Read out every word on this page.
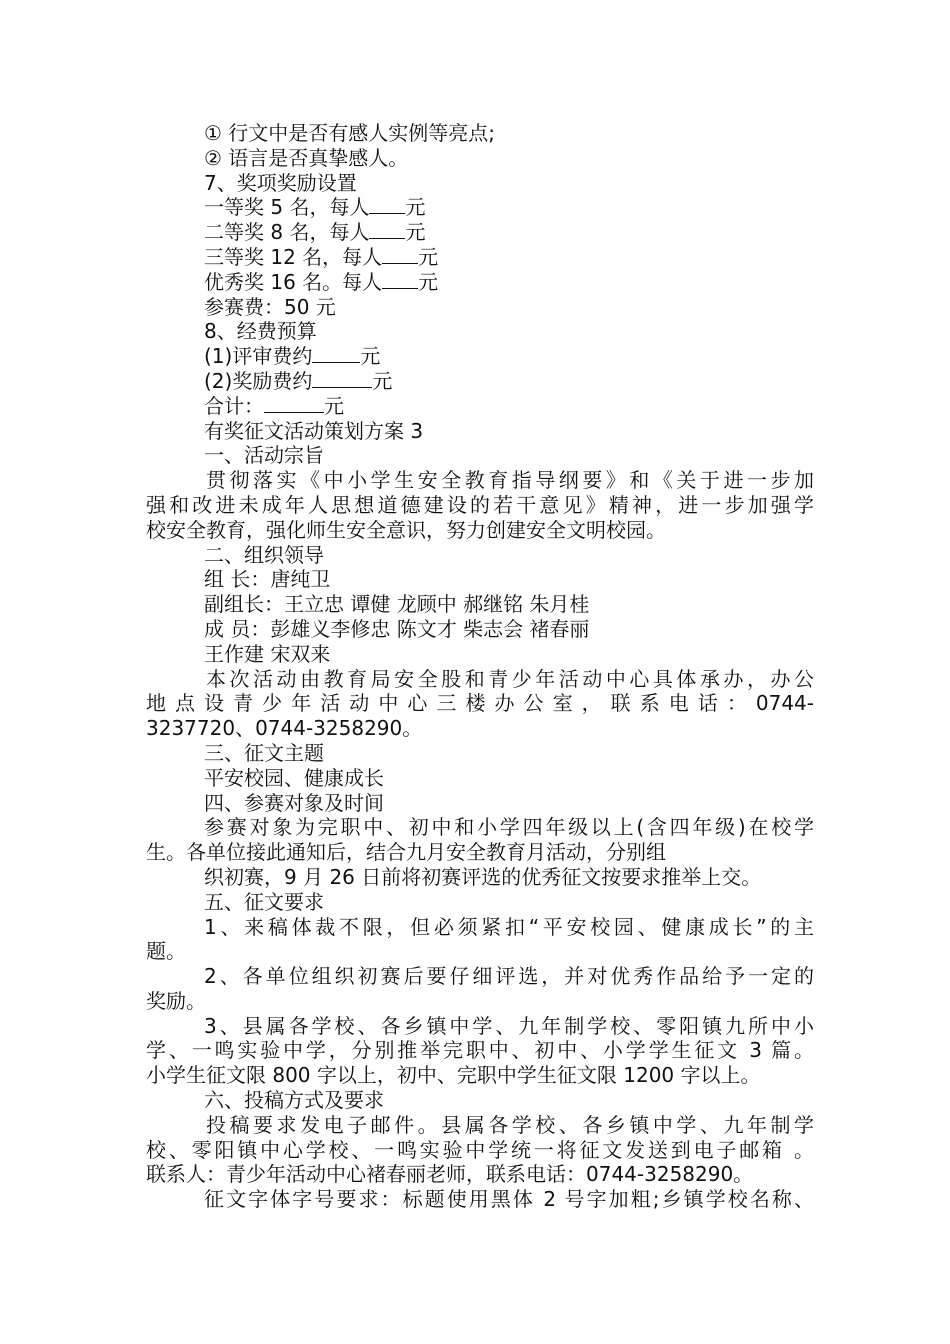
① 行文中是否有感人实例等亮点;
② 语言是否真挚感人。
7、奖项奖励设置
一等奖 5 名，每人 元
二等奖 8 名，每人 元
三等奖 12 名，每人 元
优秀奖 16 名。每人 元
参赛费：50 元
8、经费预算
(1)评审费约 元
(2)奖励费约	元
合计：	元
有奖征文活动策划方案 3
一、活动宗旨
贯彻落实《中小学生安全教育指导纲要》和《关于进一步加
强和改进未成年人思想道德建设的若干意见》精神，进一步加强学
校安全教育，强化师生安全意识，努力创建安全文明校园。
二、组织领导
组 长：唐纯卫
副组长：王立忠 谭健 龙顾中 郝继铭 朱月桂
成 员：彭雄义李修忠 陈文才 柴志会 褚春丽
王作建 宋双来
本次活动由教育局安全股和青少年活动中心具体承办，办公
地 点 设 青 少 年 活 动 中 心 三 楼 办 公 室 ， 联 系 电 话 ： 0744-
3237720、0744-3258290。
三、征文主题
平安校园、健康成长
四、参赛对象及时间
参赛对象为完职中、初中和小学四年级以上(含四年级)在校学
生。各单位接此通知后，结合九月安全教育月活动，分别组
织初赛，9 月 26 日前将初赛评选的优秀征文按要求推举上交。
五、征文要求
1、来稿体裁不限，但必须紧扣“平安校园、健康成长”的主
题。
2、各单位组织初赛后要仔细评选，并对优秀作品给予一定的
奖励。
3、县属各学校、各乡镇中学、九年制学校、零阳镇九所中小
学、一鸣实验中学，分别推举完职中、初中、小学学生征文 3 篇。
小学生征文限 800 字以上，初中、完职中学生征文限 1200 字以上。
六、投稿方式及要求
投稿要求发电子邮件。县属各学校、各乡镇中学、九年制学
校、零阳镇中心学校、一鸣实验中学统一将征文发送到电子邮箱 。
联系人：青少年活动中心褚春丽老师，联系电话：0744-3258290。
征文字体字号要求：标题使用黑体 2 号字加粗;乡镇学校名称、
